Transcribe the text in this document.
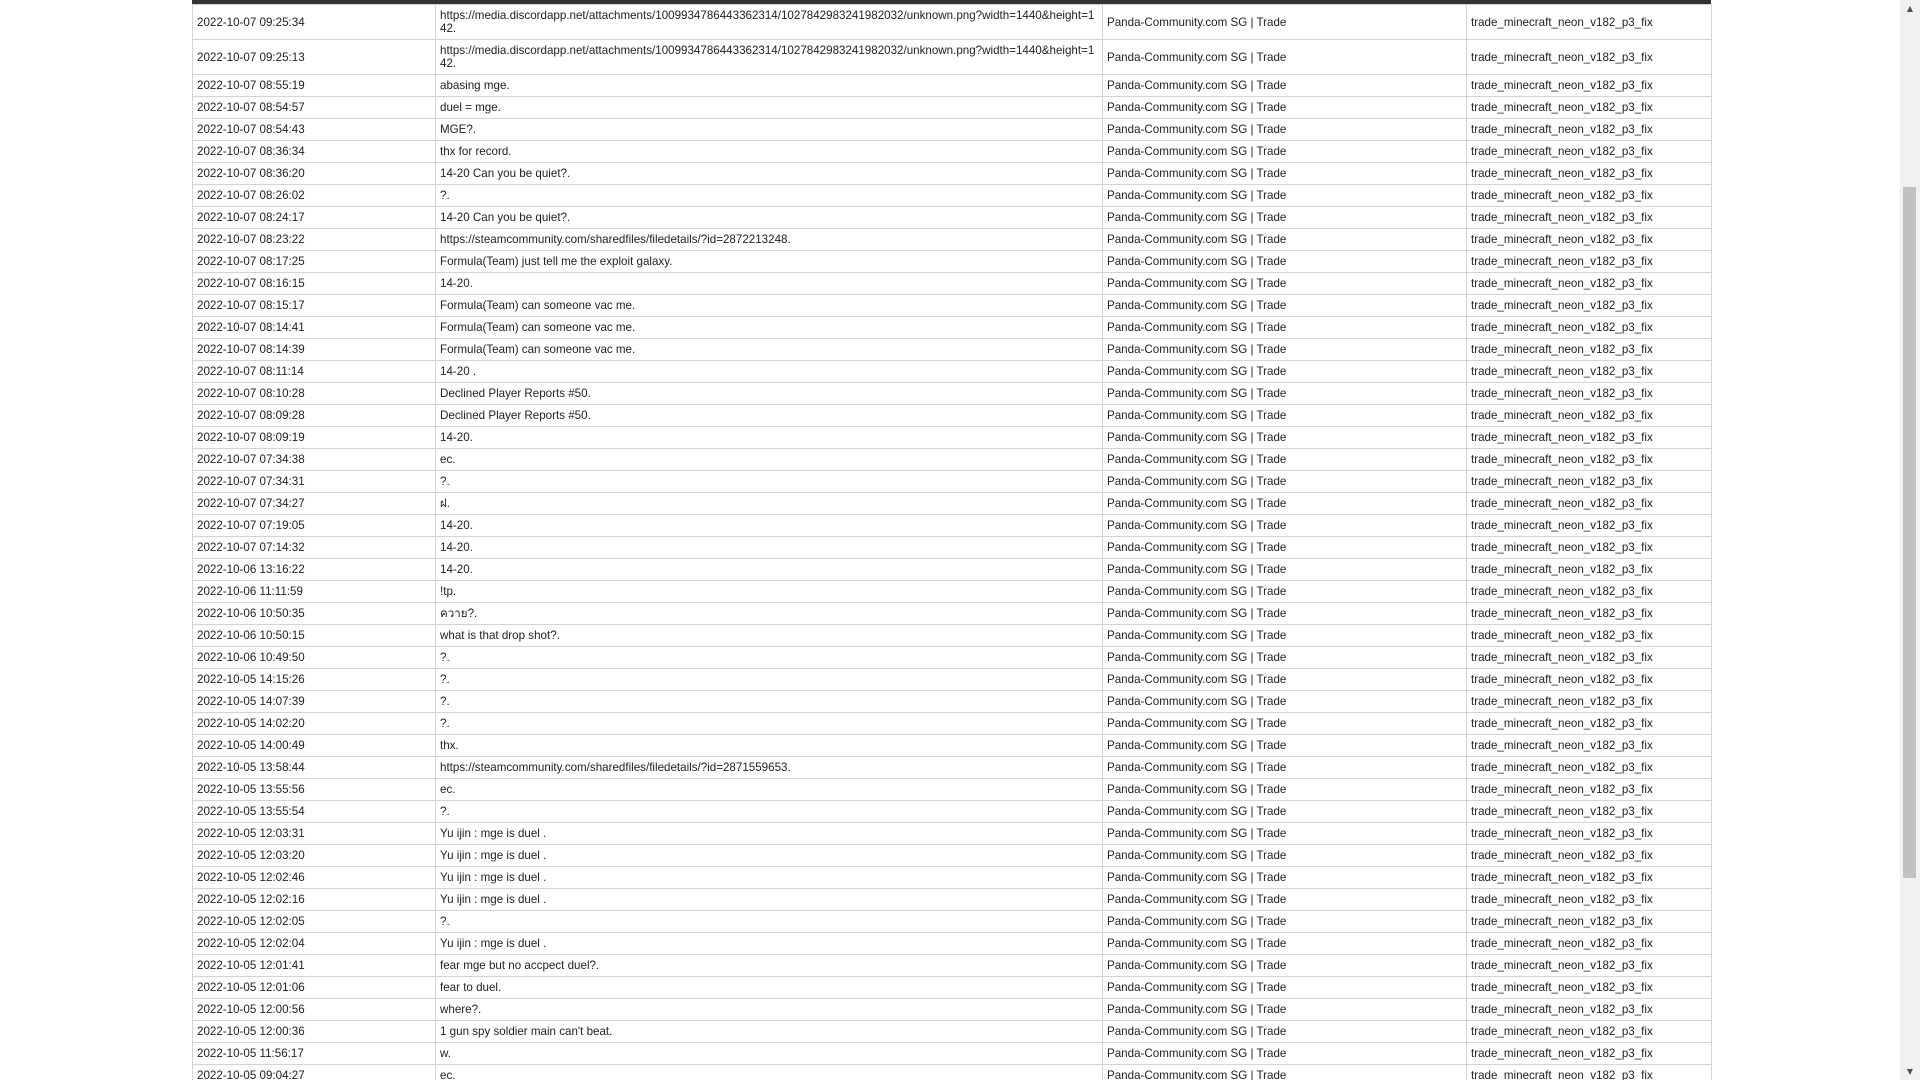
2022-10-07 09:25:34	https://media.discordapp.net/attachments/1009934786443362314/1027842983241982032/unknown.png?width=1440&height=142.	Panda-Community.com SG | Trade	trade_minecraft_neon_v182_p3_fix
2022-10-07 09:25:13	https://media.discordapp.net/attachments/1009934786443362314/1027842983241982032/unknown.png?width=1440&height=142.	Panda-Community.com SG | Trade	trade_minecraft_neon_v182_p3_fix
2022-10-07 08:55:19	abasing mge.	Panda-Community.com SG | Trade	trade_minecraft_neon_v182_p3_fix
2022-10-07 08:54:57	duel = mge.	Panda-Community.com SG | Trade	trade_minecraft_neon_v182_p3_fix
2022-10-07 08:54:43	MGE?.	Panda-Community.com SG | Trade	trade_minecraft_neon_v182_p3_fix
2022-10-07 08:36:34	thx for record.	Panda-Community.com SG | Trade	trade_minecraft_neon_v182_p3_fix
2022-10-07 08:36:20	14-20 Can you be quiet?.	Panda-Community.com SG | Trade	trade_minecraft_neon_v182_p3_fix
2022-10-07 08:26:02	?.	Panda-Community.com SG | Trade	trade_minecraft_neon_v182_p3_fix
2022-10-07 08:24:17	14-20 Can you be quiet?.	Panda-Community.com SG | Trade	trade_minecraft_neon_v182_p3_fix
2022-10-07 08:23:22	https://steamcommunity.com/sharedfiles/filedetails/?id=2872213248.	Panda-Community.com SG | Trade	trade_minecraft_neon_v182_p3_fix
2022-10-07 08:17:25	Formula(Team) just tell me the exploit galaxy.	Panda-Community.com SG | Trade	trade_minecraft_neon_v182_p3_fix
2022-10-07 08:16:15	14-20.	Panda-Community.com SG | Trade	trade_minecraft_neon_v182_p3_fix
2022-10-07 08:15:17	Formula(Team) can someone vac me.	Panda-Community.com SG | Trade	trade_minecraft_neon_v182_p3_fix
2022-10-07 08:14:41	Formula(Team) can someone vac me.	Panda-Community.com SG | Trade	trade_minecraft_neon_v182_p3_fix
2022-10-07 08:14:39	Formula(Team) can someone vac me.	Panda-Community.com SG | Trade	trade_minecraft_neon_v182_p3_fix
2022-10-07 08:11:14	14-20 .	Panda-Community.com SG | Trade	trade_minecraft_neon_v182_p3_fix
2022-10-07 08:10:28	Declined Player Reports #50.	Panda-Community.com SG | Trade	trade_minecraft_neon_v182_p3_fix
2022-10-07 08:09:28	Declined Player Reports #50.	Panda-Community.com SG | Trade	trade_minecraft_neon_v182_p3_fix
2022-10-07 08:09:19	14-20.	Panda-Community.com SG | Trade	trade_minecraft_neon_v182_p3_fix
2022-10-07 07:34:38	ec.	Panda-Community.com SG | Trade	trade_minecraft_neon_v182_p3_fix
2022-10-07 07:34:31	?.	Panda-Community.com SG | Trade	trade_minecraft_neon_v182_p3_fix
2022-10-07 07:34:27	ฝ.	Panda-Community.com SG | Trade	trade_minecraft_neon_v182_p3_fix
2022-10-07 07:19:05	14-20.	Panda-Community.com SG | Trade	trade_minecraft_neon_v182_p3_fix
2022-10-07 07:14:32	14-20.	Panda-Community.com SG | Trade	trade_minecraft_neon_v182_p3_fix
2022-10-06 13:16:22	14-20.	Panda-Community.com SG | Trade	trade_minecraft_neon_v182_p3_fix
2022-10-06 11:11:59	!tp.	Panda-Community.com SG | Trade	trade_minecraft_neon_v182_p3_fix
2022-10-06 10:50:35	ควาย?.	Panda-Community.com SG | Trade	trade_minecraft_neon_v182_p3_fix
2022-10-06 10:50:15	what is that drop shot?.	Panda-Community.com SG | Trade	trade_minecraft_neon_v182_p3_fix
2022-10-06 10:49:50	?.	Panda-Community.com SG | Trade	trade_minecraft_neon_v182_p3_fix
2022-10-05 14:15:26	?.	Panda-Community.com SG | Trade	trade_minecraft_neon_v182_p3_fix
2022-10-05 14:07:39	?.	Panda-Community.com SG | Trade	trade_minecraft_neon_v182_p3_fix
2022-10-05 14:02:20	?.	Panda-Community.com SG | Trade	trade_minecraft_neon_v182_p3_fix
2022-10-05 14:00:49	thx.	Panda-Community.com SG | Trade	trade_minecraft_neon_v182_p3_fix
2022-10-05 13:58:44	https://steamcommunity.com/sharedfiles/filedetails/?id=2871559653.	Panda-Community.com SG | Trade	trade_minecraft_neon_v182_p3_fix
2022-10-05 13:55:56	ec.	Panda-Community.com SG | Trade	trade_minecraft_neon_v182_p3_fix
2022-10-05 13:55:54	?.	Panda-Community.com SG | Trade	trade_minecraft_neon_v182_p3_fix
2022-10-05 12:03:31	Yu ijin : mge is duel .	Panda-Community.com SG | Trade	trade_minecraft_neon_v182_p3_fix
2022-10-05 12:03:20	Yu ijin : mge is duel .	Panda-Community.com SG | Trade	trade_minecraft_neon_v182_p3_fix
2022-10-05 12:02:46	Yu ijin : mge is duel .	Panda-Community.com SG | Trade	trade_minecraft_neon_v182_p3_fix
2022-10-05 12:02:16	Yu ijin : mge is duel .	Panda-Community.com SG | Trade	trade_minecraft_neon_v182_p3_fix
2022-10-05 12:02:05	?.	Panda-Community.com SG | Trade	trade_minecraft_neon_v182_p3_fix
2022-10-05 12:02:04	Yu ijin : mge is duel .	Panda-Community.com SG | Trade	trade_minecraft_neon_v182_p3_fix
2022-10-05 12:01:41	fear mge but no accpect duel?.	Panda-Community.com SG | Trade	trade_minecraft_neon_v182_p3_fix
2022-10-05 12:01:06	fear to duel.	Panda-Community.com SG | Trade	trade_minecraft_neon_v182_p3_fix
2022-10-05 12:00:56	where?.	Panda-Community.com SG | Trade	trade_minecraft_neon_v182_p3_fix
2022-10-05 12:00:36	1 gun spy soldier main can't beat.	Panda-Community.com SG | Trade	trade_minecraft_neon_v182_p3_fix
2022-10-05 11:56:17	w.	Panda-Community.com SG | Trade	trade_minecraft_neon_v182_p3_fix
2022-10-05 09:04:27	ec.	Panda-Community.com SG | Trade	trade_minecraft_neon_v182_p3_fix
▲
▼
